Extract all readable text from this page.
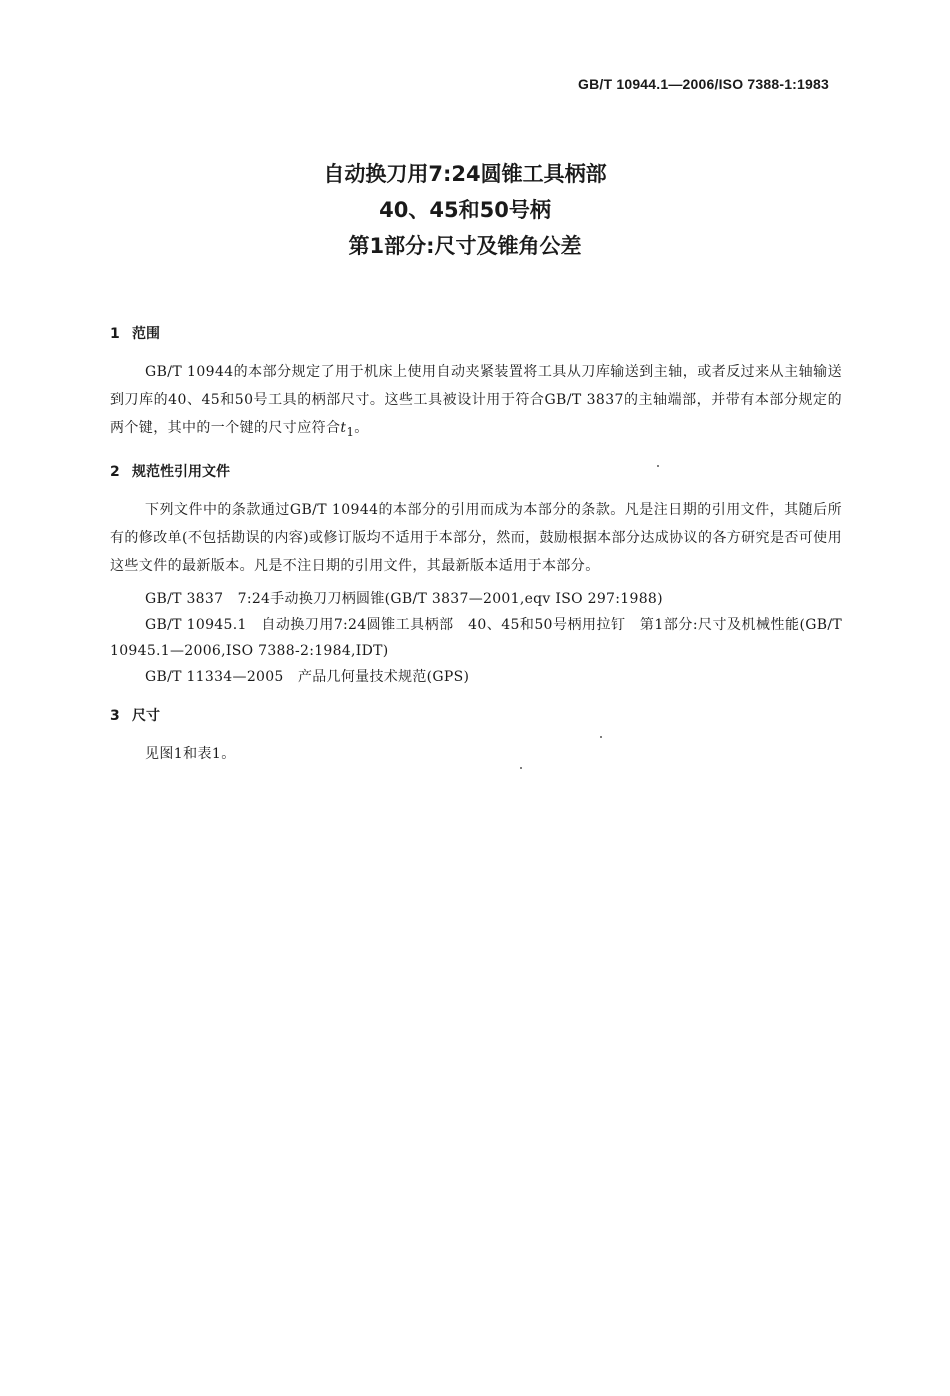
GB/T 10944.1—2006/ISO 7388-1:1983
自动换刀用7:24圆锥工具柄部
40、45和50号柄
第1部分:尺寸及锥角公差
1 范围

GB/T 10944的本部分规定了用于机床上使用自动夹紧装置将工具从刀库输送到主轴，或者反过来从主轴输送到刀库的40、45和50号工具的柄部尺寸。这些工具被设计用于符合GB/T 3837的主轴端部，并带有本部分规定的两个键，其中的一个键的尺寸应符合$t_1$。

2 规范性引用文件

下列文件中的条款通过GB/T 10944的本部分的引用而成为本部分的条款。凡是注日期的引用文件，其随后所有的修改单(不包括勘误的内容)或修订版均不适用于本部分，然而，鼓励根据本部分达成协议的各方研究是否可使用这些文件的最新版本。凡是不注日期的引用文件，其最新版本适用于本部分。

GB/T 3837　7:24手动换刀刀柄圆锥(GB/T 3837—2001,eqv ISO 297:1988)
GB/T 10945.1　自动换刀用7:24圆锥工具柄部　40、45和50号柄用拉钉　第1部分:尺寸及机械性能(GB/T 10945.1—2006,ISO 7388-2:1984,IDT)
GB/T 11334—2005　产品几何量技术规范(GPS)
3 尺寸

见图1和表1。
